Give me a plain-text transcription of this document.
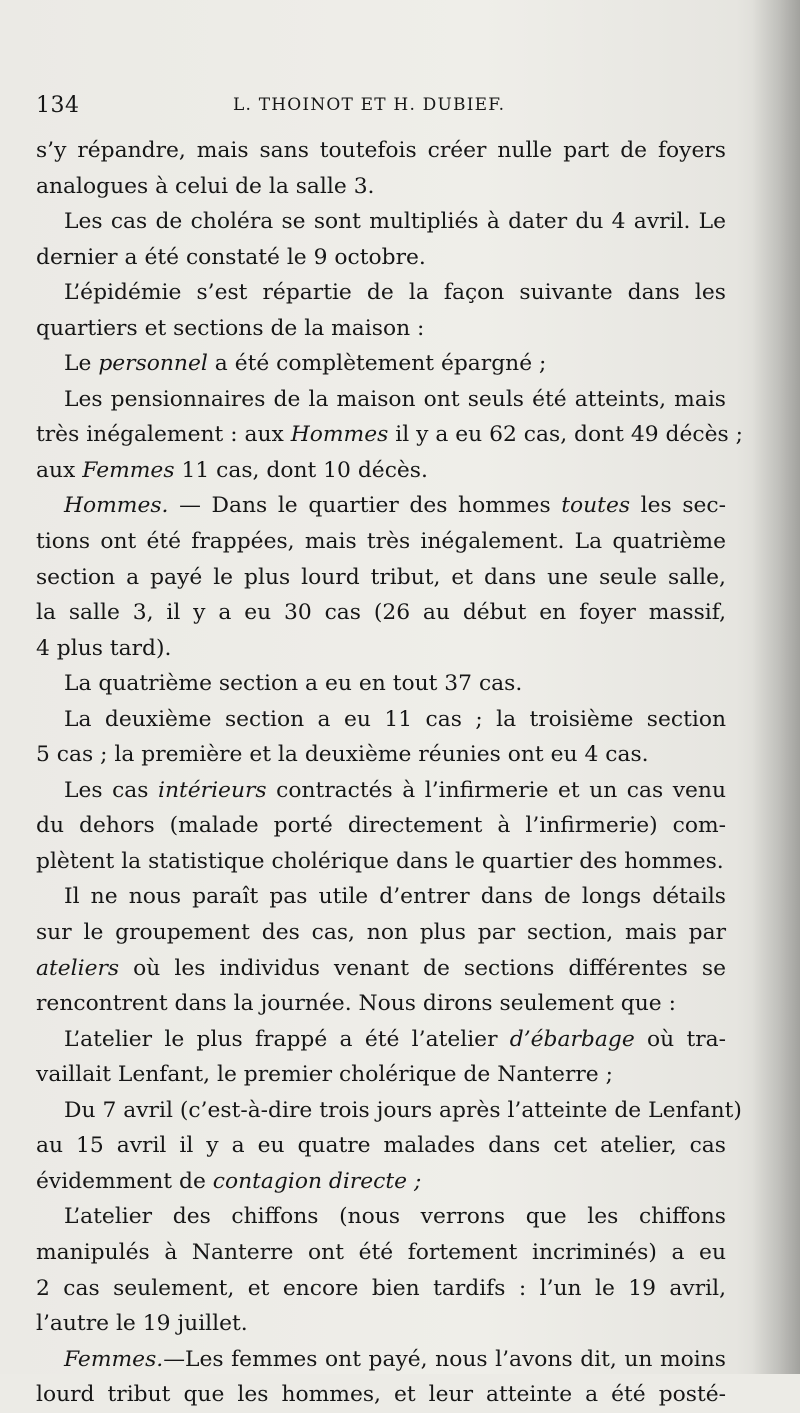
134	L. THOINOT ET H. DUBIEF.
s’y répandre, mais sans toutefois créer nulle part de foyers
analogues à celui de la salle 3.
Les cas de choléra se sont multipliés à dater du 4 avril. Le
dernier a été constaté le 9 octobre.
L’épidémie s’est répartie de la façon suivante dans les
quartiers et sections de la maison :
Le personnel a été complètement épargné ;
Les pensionnaires de la maison ont seuls été atteints, mais
très inégalement : aux Hommes il y a eu 62 cas, dont 49 décès ;
aux Femmes 11 cas, dont 10 décès.
Hommes. — Dans le quartier des hommes toutes les sec-
tions ont été frappées, mais très inégalement. La quatrième
section a payé le plus lourd tribut, et dans une seule salle,
la salle 3, il y a eu 30 cas (26 au début en foyer massif,
4 plus tard).
La quatrième section a eu en tout 37 cas.
La deuxième section a eu 11 cas ; la troisième section
5 cas ; la première et la deuxième réunies ont eu 4 cas.
Les cas intérieurs contractés à l’infirmerie et un cas venu
du dehors (malade porté directement à l’infirmerie) com-
plètent la statistique cholérique dans le quartier des hommes.
Il ne nous paraît pas utile d’entrer dans de longs détails
sur le groupement des cas, non plus par section, mais par
ateliers où les individus venant de sections différentes se
rencontrent dans la journée. Nous dirons seulement que :
L’atelier le plus frappé a été l’atelier d’ébarbage où tra-
vaillait Lenfant, le premier cholérique de Nanterre ;
Du 7 avril (c’est-à-dire trois jours après l’atteinte de Lenfant)
au 15 avril il y a eu quatre malades dans cet atelier, cas
évidemment de contagion directe ;
L’atelier des chiffons (nous verrons que les chiffons
manipulés à Nanterre ont été fortement incriminés) a eu
2 cas seulement, et encore bien tardifs : l’un le 19 avril,
l’autre le 19 juillet.
Femmes.—Les femmes ont payé, nous l’avons dit, un moins
lourd tribut que les hommes, et leur atteinte a été posté-
